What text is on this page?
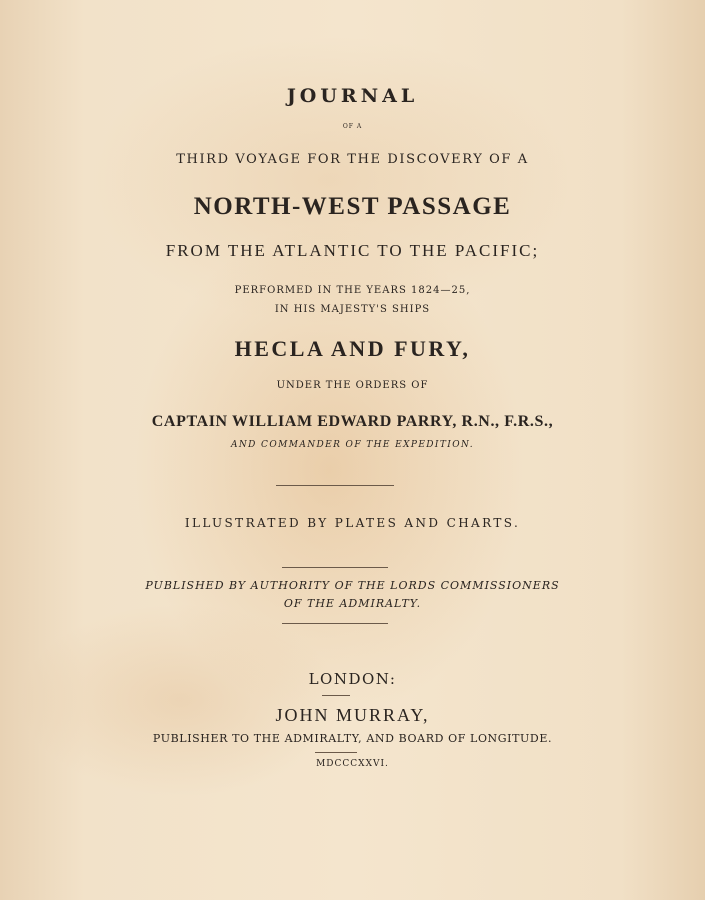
JOURNAL
OF A
THIRD VOYAGE FOR THE DISCOVERY OF A
NORTH-WEST PASSAGE
FROM THE ATLANTIC TO THE PACIFIC;
PERFORMED IN THE YEARS 1824—25,
IN HIS MAJESTY'S SHIPS
HECLA AND FURY,
UNDER THE ORDERS OF
CAPTAIN WILLIAM EDWARD PARRY, R.N., F.R.S.,
AND COMMANDER OF THE EXPEDITION.
ILLUSTRATED BY PLATES AND CHARTS.
PUBLISHED BY AUTHORITY OF THE LORDS COMMISSIONERS
OF THE ADMIRALTY.
LONDON:
JOHN MURRAY,
PUBLISHER TO THE ADMIRALTY, AND BOARD OF LONGITUDE.
MDCCCXXVI.
